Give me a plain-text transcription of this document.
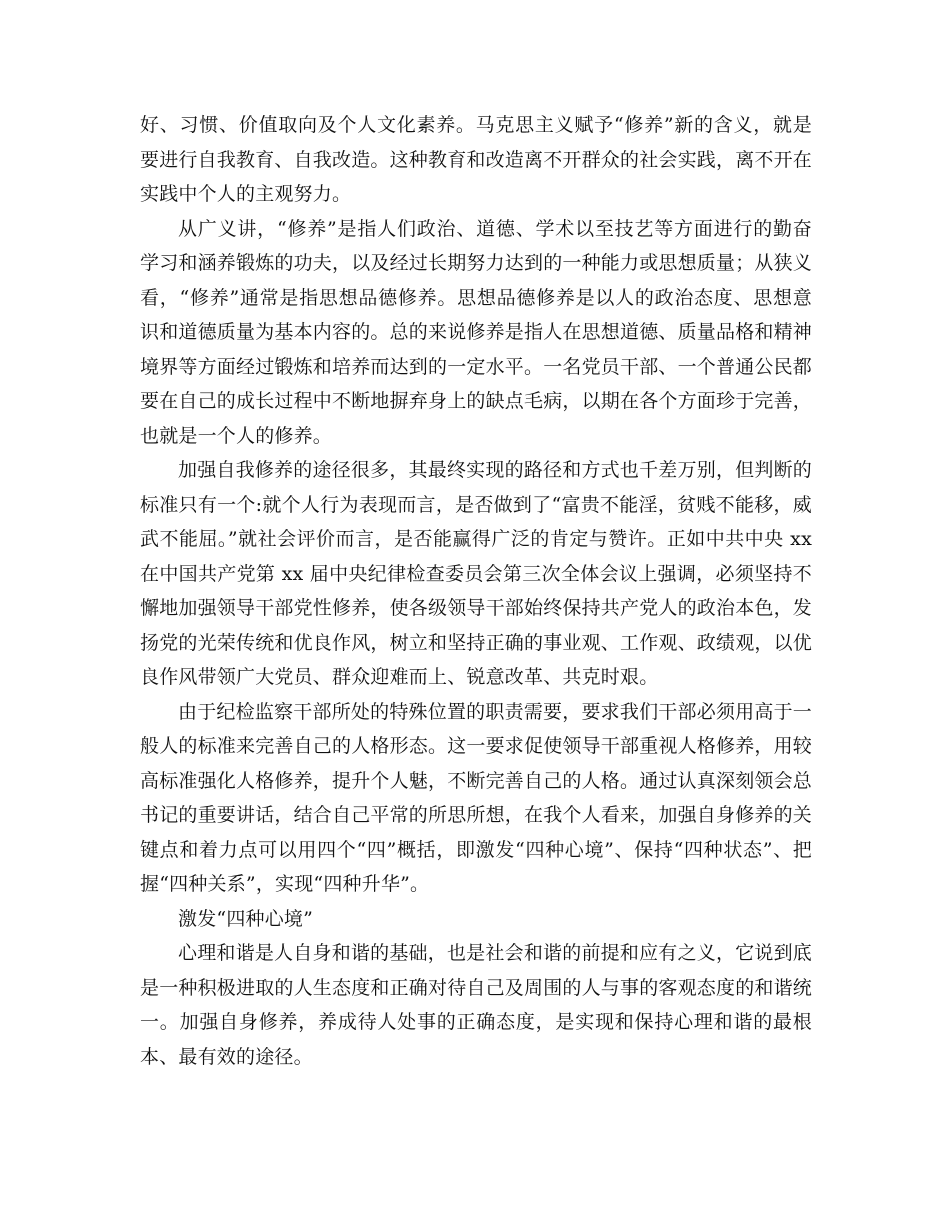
好、习惯、价值取向及个人文化素养。马克思主义赋予“修养”新的含义，就是要进行自我教育、自我改造。这种教育和改造离不开群众的社会实践，离不开在实践中个人的主观努力。

从广义讲，“修养”是指人们政治、道德、学术以至技艺等方面进行的勤奋学习和涵养锻炼的功夫，以及经过长期努力达到的一种能力或思想质量；从狭义看，“修养”通常是指思想品德修养。思想品德修养是以人的政治态度、思想意识和道德质量为基本内容的。总的来说修养是指人在思想道德、质量品格和精神境界等方面经过锻炼和培养而达到的一定水平。一名党员干部、一个普通公民都要在自己的成长过程中不断地摒弃身上的缺点毛病，以期在各个方面珍于完善，也就是一个人的修养。

加强自我修养的途径很多，其最终实现的路径和方式也千差万别，但判断的标准只有一个:就个人行为表现而言，是否做到了“富贵不能淫，贫贱不能移，威武不能屈。”就社会评价而言，是否能赢得广泛的肯定与赞许。正如中共中央 xx 在中国共产党第 xx 届中央纪律检查委员会第三次全体会议上强调，必须坚持不懈地加强领导干部党性修养，使各级领导干部始终保持共产党人的政治本色，发扬党的光荣传统和优良作风，树立和坚持正确的事业观、工作观、政绩观，以优良作风带领广大党员、群众迎难而上、锐意改革、共克时艰。

由于纪检监察干部所处的特殊位置的职责需要，要求我们干部必须用高于一般人的标准来完善自己的人格形态。这一要求促使领导干部重视人格修养，用较高标准强化人格修养，提升个人魅，不断完善自己的人格。通过认真深刻领会总书记的重要讲话，结合自己平常的所思所想，在我个人看来，加强自身修养的关键点和着力点可以用四个“四”概括，即激发“四种心境”、保持“四种状态”、把握“四种关系”，实现“四种升华”。

激发“四种心境”

心理和谐是人自身和谐的基础，也是社会和谐的前提和应有之义，它说到底是一种积极进取的人生态度和正确对待自己及周围的人与事的客观态度的和谐统一。加强自身修养，养成待人处事的正确态度，是实现和保持心理和谐的最根本、最有效的途径。
